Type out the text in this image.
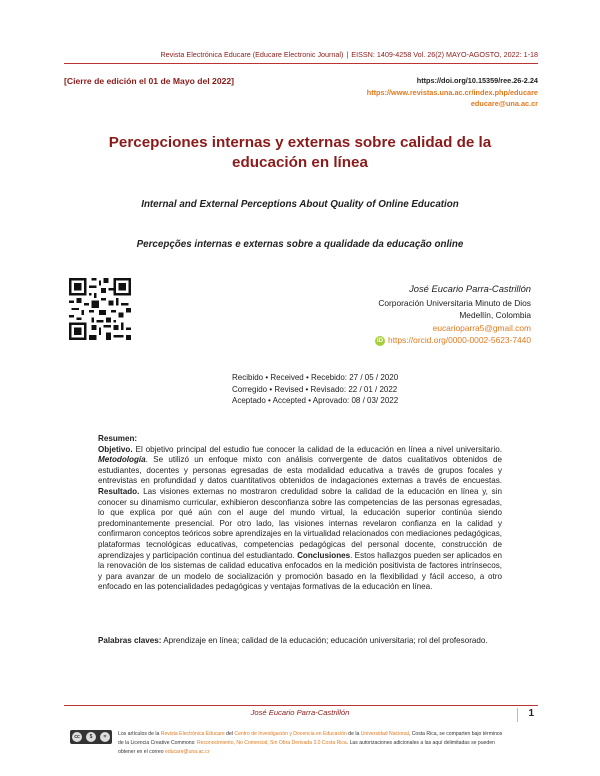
Revista Electrónica Educare (Educare Electronic Journal) | EISSN: 1409-4258 Vol. 26(2) MAYO-AGOSTO, 2022: 1-18
[Cierre de edición el 01 de Mayo del 2022]	https://doi.org/10.15359/ree.26-2.24
https://www.revistas.una.ac.cr/index.php/educare
educare@una.ac.cr
Percepciones internas y externas sobre calidad de la
educación en línea
Internal and External Perceptions About Quality of Online Education
Percepções internas e externas sobre a qualidade da educação online
José Eucario Parra-Castrillón
Corporación Universitaria Minuto de Dios
Medellín, Colombia
eucarioparra5@gmail.com
iD https://orcid.org/0000-0002-5623-7440
Recibido • Received • Recebido: 27 / 05 / 2020
Corregido • Revised • Revisado: 22 / 01 / 2022
Aceptado • Accepted • Aprovado: 08 / 03/ 2022
Resumen:
Objetivo. El objetivo principal del estudio fue conocer la calidad de la educación en línea a nivel universitario. Metodología. Se utilizó un enfoque mixto con análisis convergente de datos cualitativos obtenidos de estudiantes, docentes y personas egresadas de esta modalidad educativa a través de grupos focales y entrevistas en profundidad y datos cuantitativos obtenidos de indagaciones externas a través de encuestas. Resultado. Las visiones externas no mostraron credulidad sobre la calidad de la educación en línea y, sin conocer su dinamismo curricular, exhibieron desconfianza sobre las competencias de las personas egresadas, lo que explica por qué aún con el auge del mundo virtual, la educación superior continúa siendo predominantemente presencial. Por otro lado, las visiones internas revelaron confianza en la calidad y confirmaron conceptos teóricos sobre aprendizajes en la virtualidad relacionados con mediaciones pedagógicas, plataformas tecnológicas educativas, competencias pedagógicas del personal docente, construcción de aprendizajes y participación continua del estudiantado. Conclusiones. Estos hallazgos pueden ser aplicados en la renovación de los sistemas de calidad educativa enfocados en la medición positivista de factores intrínsecos, y para avanzar de un modelo de socialización y promoción basado en la flexibilidad y fácil acceso, a otro enfocado en las potencialidades pedagógicas y ventajas formativas de la educación en línea.
Palabras claves: Aprendizaje en línea; calidad de la educación; educación universitaria; rol del profesorado.
José Eucario Parra-Castrillón	1
cc	$	=	Los artículos de la Revista Electrónica Educare del Centro de Investigación y Docencia en Educación de la Universidad Nacional, Costa Rica, se comparten bajo términos de la Licencia Creative Commons: Reconocimiento, No Comercial, Sin Obra Derivada 3.0 Costa Rica. Las autorizaciones adicionales a las aquí delimitadas se pueden obtener en el correo educare@una.ac.cr
